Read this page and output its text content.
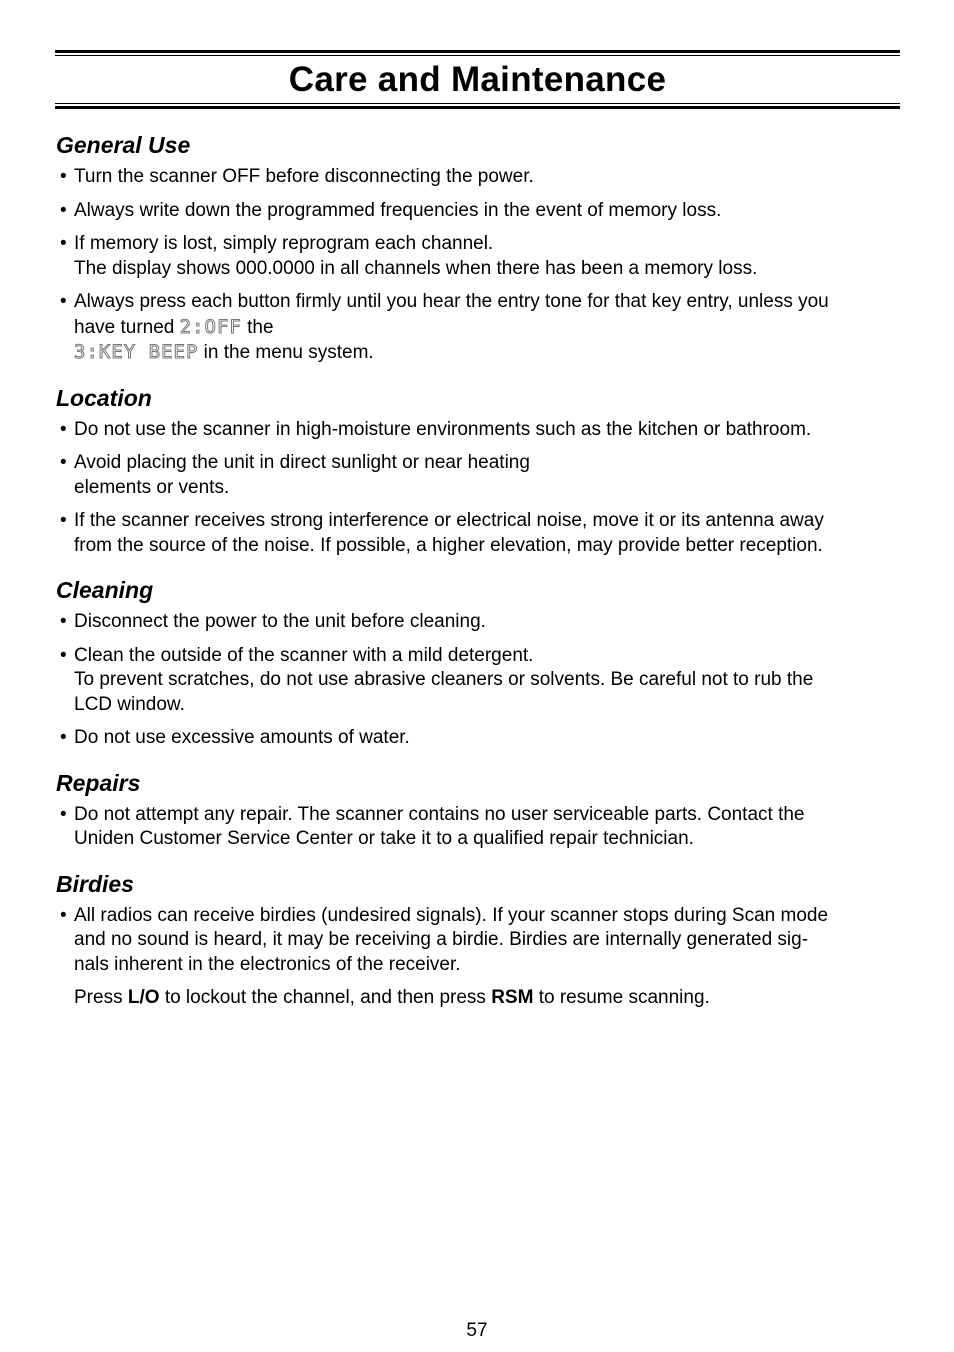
Care and Maintenance
General Use
• Turn the scanner OFF before disconnecting the power.
• Always write down the programmed frequencies in the event of memory loss.
• If memory is lost, simply reprogram each channel.
The display shows 000.0000 in all channels when there has been a memory loss.
• Always press each button firmly until you hear the entry tone for that key entry, unless you
have turned 2:OFF the
3:KEY BEEP in the menu system.
Location
• Do not use the scanner in high-moisture environments such as the kitchen or bathroom.
• Avoid placing the unit in direct sunlight or near heating
elements or vents.
• If the scanner receives strong interference or electrical noise, move it or its antenna away
from the source of the noise. If possible, a higher elevation, may provide better reception.
Cleaning
• Disconnect the power to the unit before cleaning.
• Clean the outside of the scanner with a mild detergent.
To prevent scratches, do not use abrasive cleaners or solvents. Be careful not to rub the
LCD window.
• Do not use excessive amounts of water.
Repairs
• Do not attempt any repair. The scanner contains no user serviceable parts. Contact the
Uniden Customer Service Center or take it to a qualified repair technician.
Birdies
• All radios can receive birdies (undesired signals). If your scanner stops during Scan mode
and no sound is heard, it may be receiving a birdie. Birdies are internally generated sig-
nals inherent in the electronics of the receiver.
Press L/O to lockout the channel, and then press RSM to resume scanning.
57
